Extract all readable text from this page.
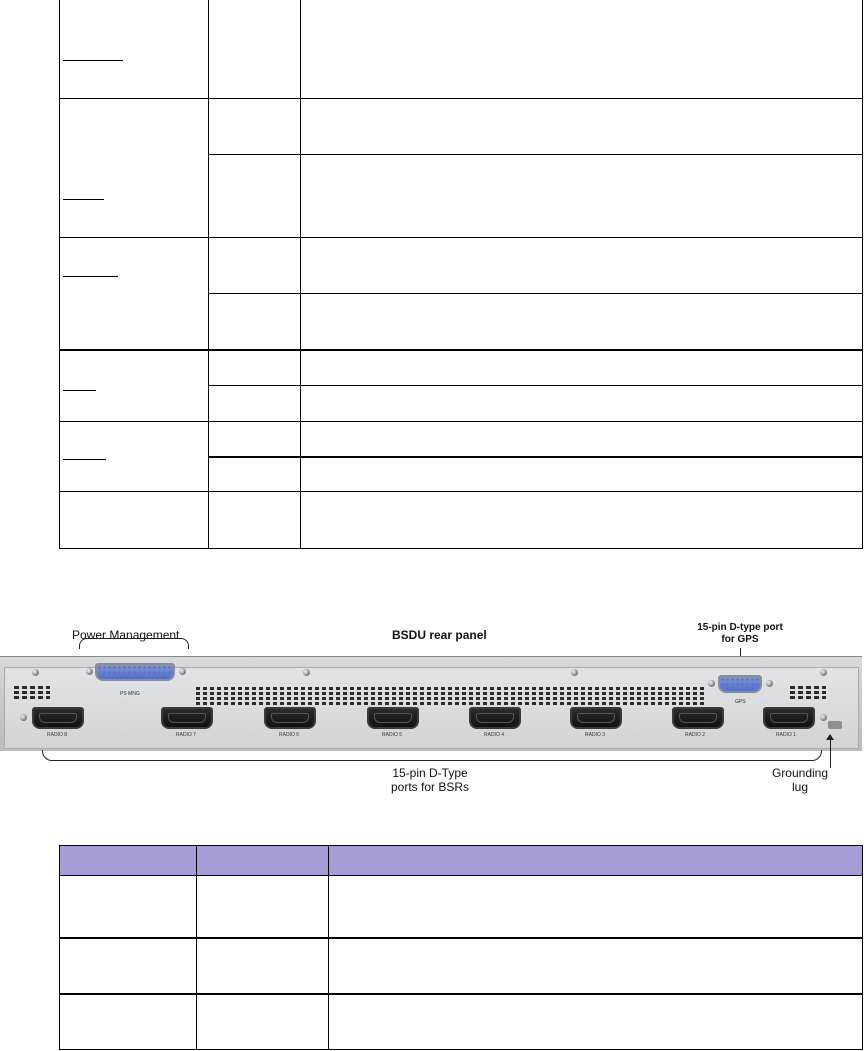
Power Management	BSDU rear panel
15-pin D-type port
for GPS
PS MNG
GPS
RADIO 8	RADIO 7	RADIO 6	RADIO 5	RADIO 4	RADIO 3	RADIO 2	RADIO 1
15-pin D-Type
ports for BSRs
Grounding
lug
